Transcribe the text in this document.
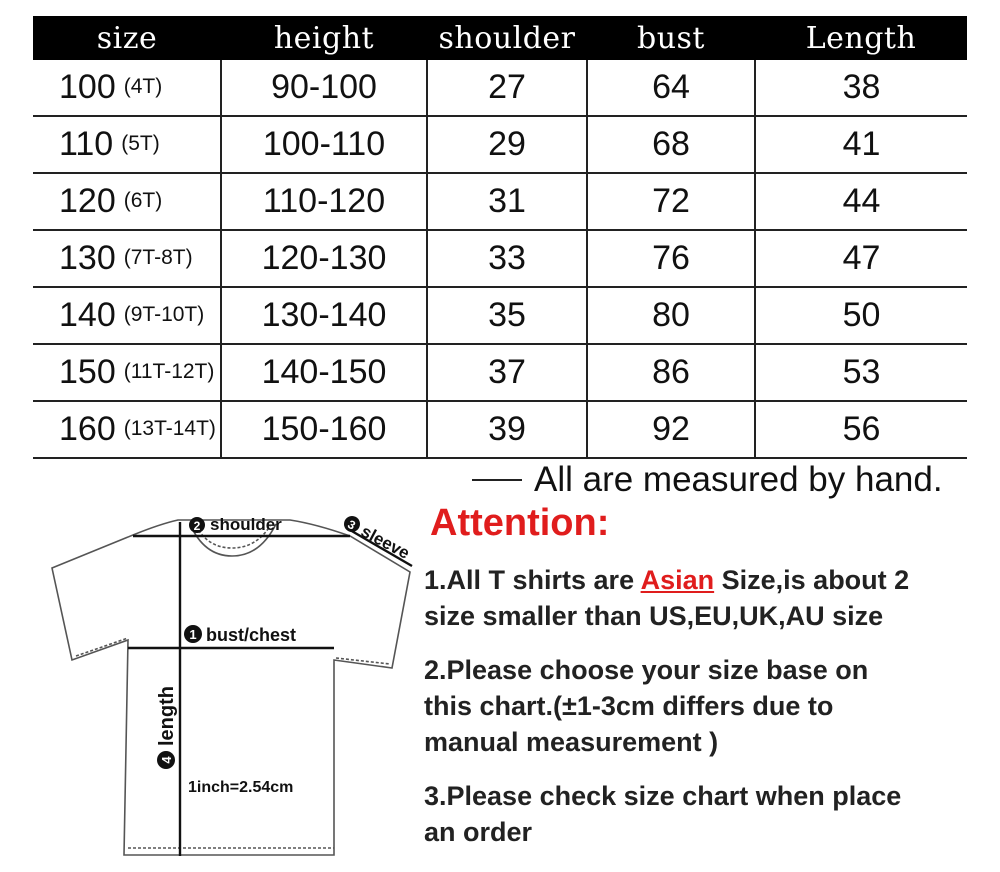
size	height	shoulder	bust	Length
100 (4T)	90-100	27	64	38
110 (5T)	100-110	29	68	41
120 (6T)	110-120	31	72	44
130 (7T-8T)	120-130	33	76	47
140 (9T-10T)	130-140	35	80	50
150 (11T-12T)	140-150	37	86	53
160 (13T-14T)	150-160	39	92	56
All are measured by hand.
2 shoulder	3 sleeve
1 bust/chest
4
length
1inch=2.54cm
Attention:

1.All T shirts are Asian Size,is about 2
size smaller than US,EU,UK,AU size

2.Please choose your size base on
this chart.(±1-3cm differs due to
manual measurement )

3.Please check size chart when place
an order
